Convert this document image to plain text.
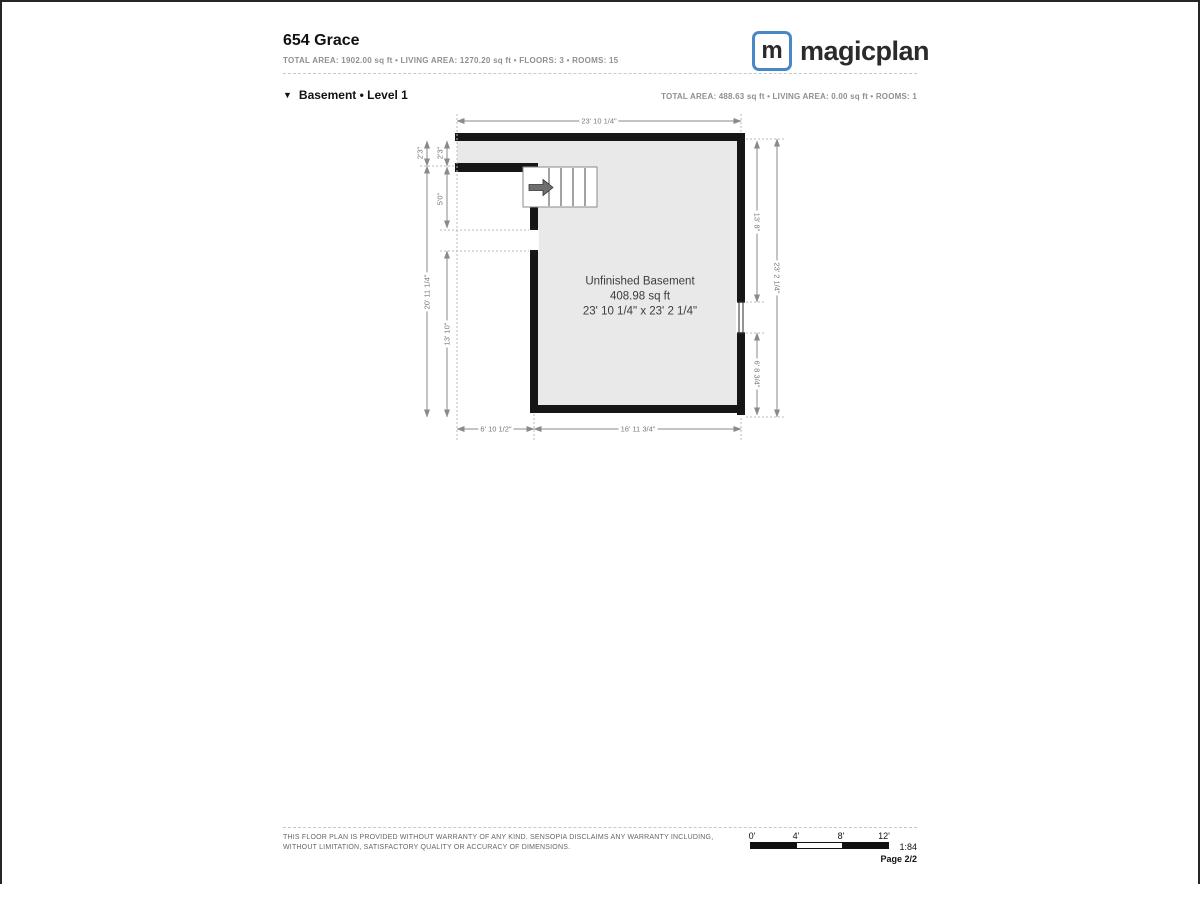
654 Grace
TOTAL AREA: 1902.00 sq ft • LIVING AREA: 1270.20 sq ft • FLOORS: 3 • ROOMS: 15	m magicplan
▼ Basement • Level 1	TOTAL AREA: 488.63 sq ft • LIVING AREA: 0.00 sq ft • ROOMS: 1
23' 10 1/4"
2'3" 2'3"
5'0"
20' 11 1/4"
13' 10"
13' 8"
6' 8 3/4"
23' 2 1/4"
6' 10 1/2"	16' 11 3/4"
Unfinished Basement
408.98 sq ft
23' 10 1/4" x 23' 2 1/4"
THIS FLOOR PLAN IS PROVIDED WITHOUT WARRANTY OF ANY KIND. SENSOPIA DISCLAIMS ANY WARRANTY INCLUDING,
WITHOUT LIMITATION, SATISFACTORY QUALITY OR ACCURACY OF DIMENSIONS.
0'	4'	8'	12'
1:84
Page 2/2
